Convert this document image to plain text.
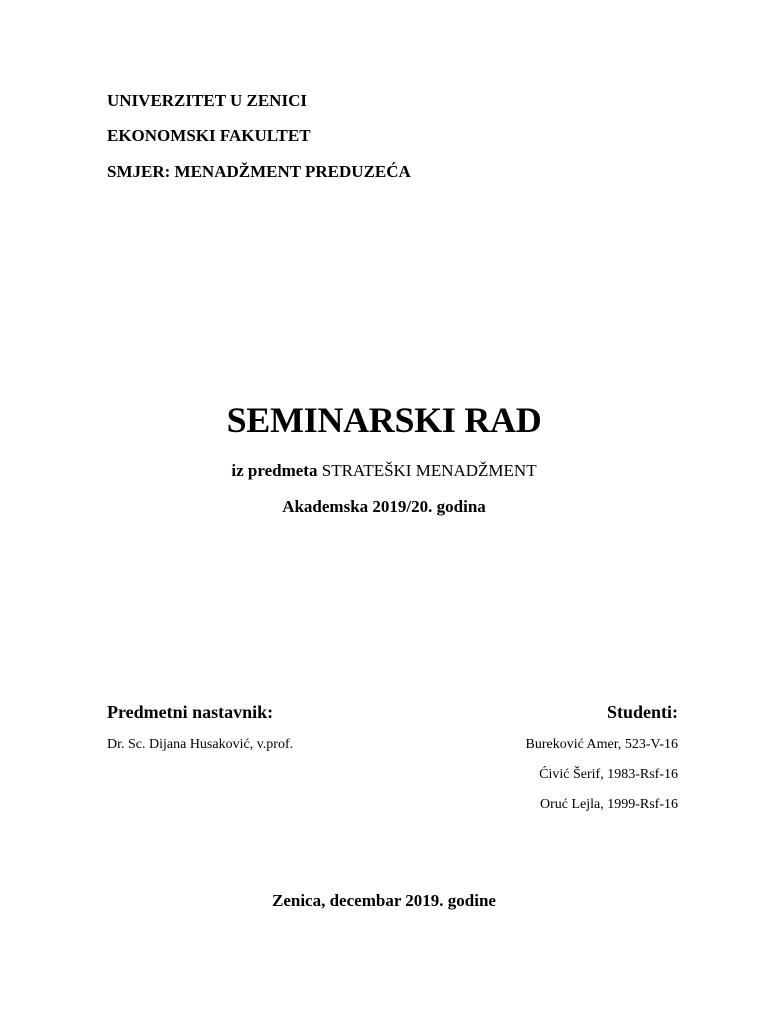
UNIVERZITET U ZENICI
EKONOMSKI FAKULTET
SMJER: MENADŽMENT PREDUZEĆA
SEMINARSKI RAD
iz predmeta STRATEŠKI MENADŽMENT
Akademska 2019/20. godina
Predmetni nastavnik:	Studenti:
Dr. Sc. Dijana Husaković, v.prof.	Bureković Amer, 523-V-16
Ćivić Šerif, 1983-Rsf-16
Oruć Lejla, 1999-Rsf-16
Zenica, decembar 2019. godine
